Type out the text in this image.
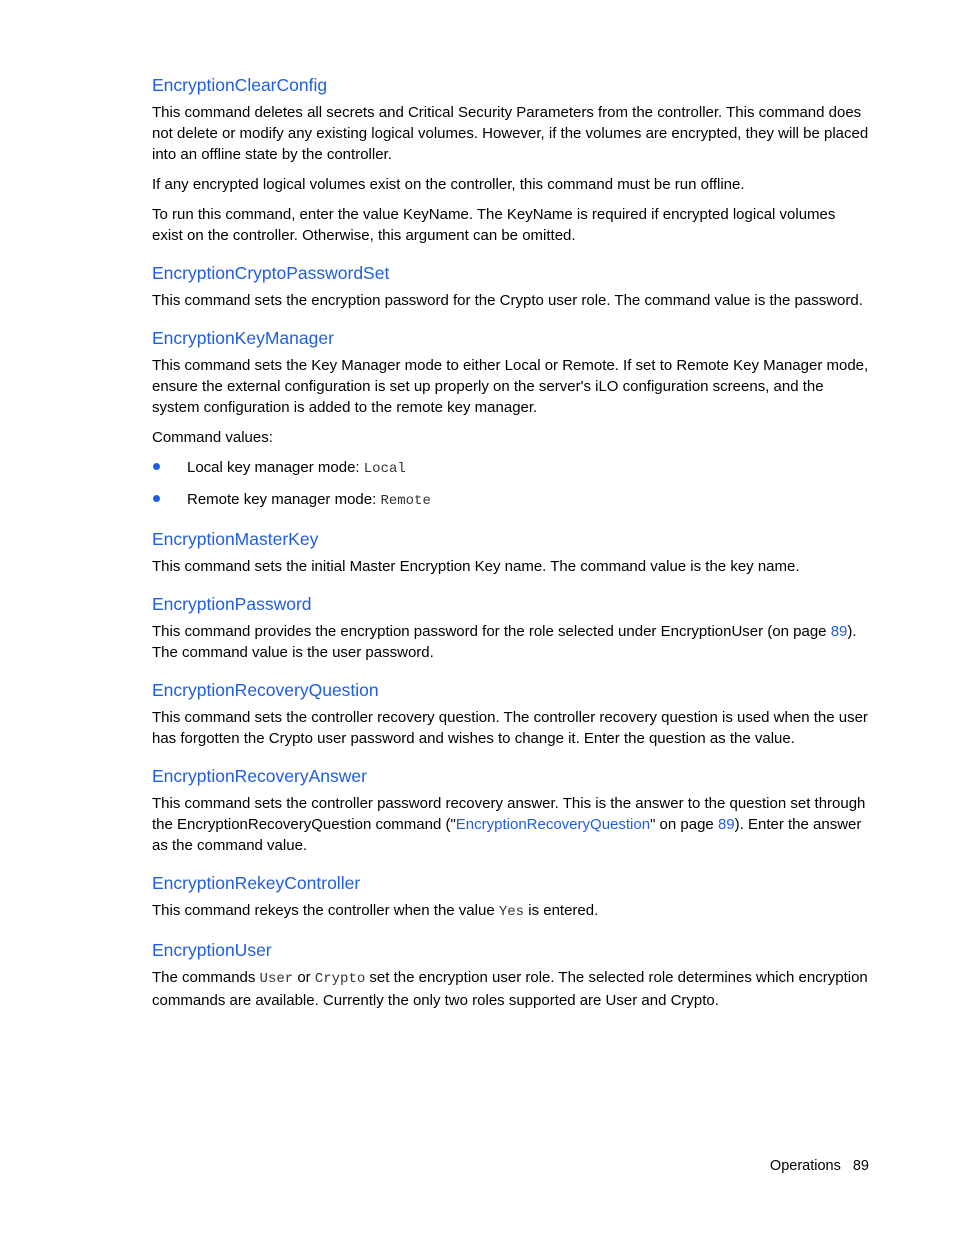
EncryptionClearConfig

This command deletes all secrets and Critical Security Parameters from the controller. This command does not delete or modify any existing logical volumes. However, if the volumes are encrypted, they will be placed into an offline state by the controller.

If any encrypted logical volumes exist on the controller, this command must be run offline.

To run this command, enter the value KeyName. The KeyName is required if encrypted logical volumes exist on the controller. Otherwise, this argument can be omitted.

EncryptionCryptoPasswordSet

This command sets the encryption password for the Crypto user role. The command value is the password.

EncryptionKeyManager

This command sets the Key Manager mode to either Local or Remote. If set to Remote Key Manager mode, ensure the external configuration is set up properly on the server's iLO configuration screens, and the system configuration is added to the remote key manager.

Command values:

Local key manager mode: Local
Remote key manager mode: Remote
EncryptionMasterKey

This command sets the initial Master Encryption Key name. The command value is the key name.

EncryptionPassword

This command provides the encryption password for the role selected under EncryptionUser (on page 89). The command value is the user password.

EncryptionRecoveryQuestion

This command sets the controller recovery question. The controller recovery question is used when the user has forgotten the Crypto user password and wishes to change it. Enter the question as the value.

EncryptionRecoveryAnswer

This command sets the controller password recovery answer. This is the answer to the question set through the EncryptionRecoveryQuestion command ("EncryptionRecoveryQuestion" on page 89). Enter the answer as the command value.

EncryptionRekeyController

This command rekeys the controller when the value Yes is entered.

EncryptionUser

The commands User or Crypto set the encryption user role. The selected role determines which encryption commands are available. Currently the only two roles supported are User and Crypto.

Operations 89
